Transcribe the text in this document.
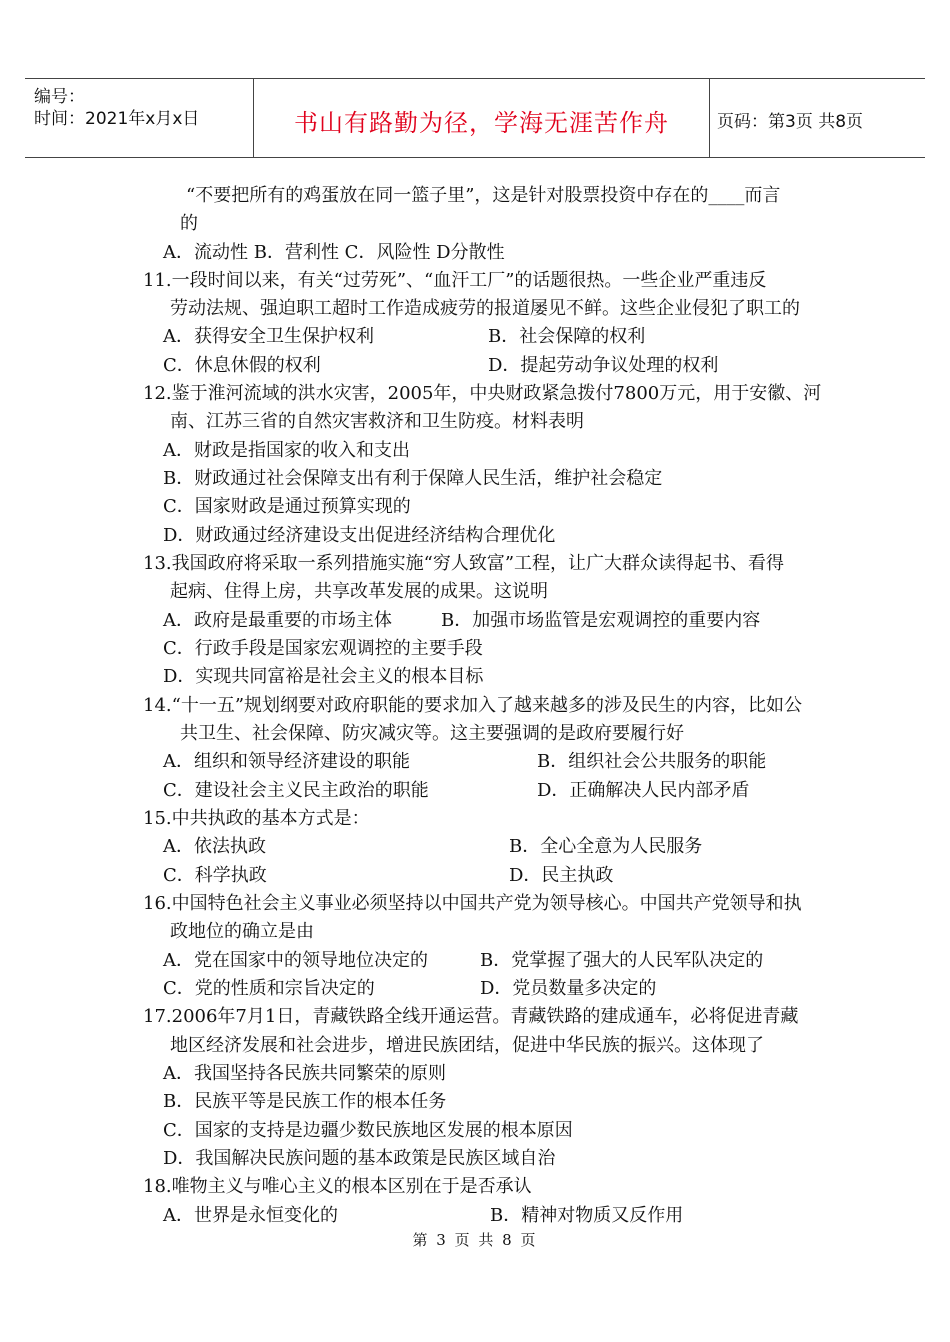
编号：
时间：2021年x月x日	书山有路勤为径，学海无涯苦作舟	页码：第3页 共8页
“不要把所有的鸡蛋放在同一篮子里”，这是针对股票投资中存在的____而言
的
A．流动性 B．营利性 C．风险性 D分散性
11.一段时间以来，有关“过劳死”、“血汗工厂”的话题很热。一些企业严重违反
劳动法规、强迫职工超时工作造成疲劳的报道屡见不鲜。这些企业侵犯了职工的
A．获得安全卫生保护权利	B．社会保障的权利
C．休息休假的权利	D．提起劳动争议处理的权利
12.鉴于淮河流域的洪水灾害，2005年，中央财政紧急拨付7800万元，用于安徽、河
南、江苏三省的自然灾害救济和卫生防疫。材料表明
A．财政是指国家的收入和支出
B．财政通过社会保障支出有利于保障人民生活，维护社会稳定
C．国家财政是通过预算实现的
D．财政通过经济建设支出促进经济结构合理优化
13.我国政府将采取一系列措施实施“穷人致富”工程，让广大群众读得起书、看得
起病、住得上房，共享改革发展的成果。这说明
A．政府是最重要的市场主体	B．加强市场监管是宏观调控的重要内容
C．行政手段是国家宏观调控的主要手段
D．实现共同富裕是社会主义的根本目标
14.“十一五”规划纲要对政府职能的要求加入了越来越多的涉及民生的内容，比如公
共卫生、社会保障、防灾减灾等。这主要强调的是政府要履行好
A．组织和领导经济建设的职能	B．组织社会公共服务的职能
C．建设社会主义民主政治的职能	D．正确解决人民内部矛盾
15.中共执政的基本方式是：
A．依法执政	B．全心全意为人民服务
C．科学执政	D．民主执政
16.中国特色社会主义事业必须坚持以中国共产党为领导核心。中国共产党领导和执
政地位的确立是由
A．党在国家中的领导地位决定的	B．党掌握了强大的人民军队决定的
C．党的性质和宗旨决定的	D．党员数量多决定的
17.2006年7月1日，青藏铁路全线开通运营。青藏铁路的建成通车，必将促进青藏
地区经济发展和社会进步，增进民族团结，促进中华民族的振兴。这体现了
A．我国坚持各民族共同繁荣的原则
B．民族平等是民族工作的根本任务
C．国家的支持是边疆少数民族地区发展的根本原因
D．我国解决民族问题的基本政策是民族区域自治
18.唯物主义与唯心主义的根本区别在于是否承认
A．世界是永恒变化的	B．精神对物质又反作用
第 3 页 共 8 页
